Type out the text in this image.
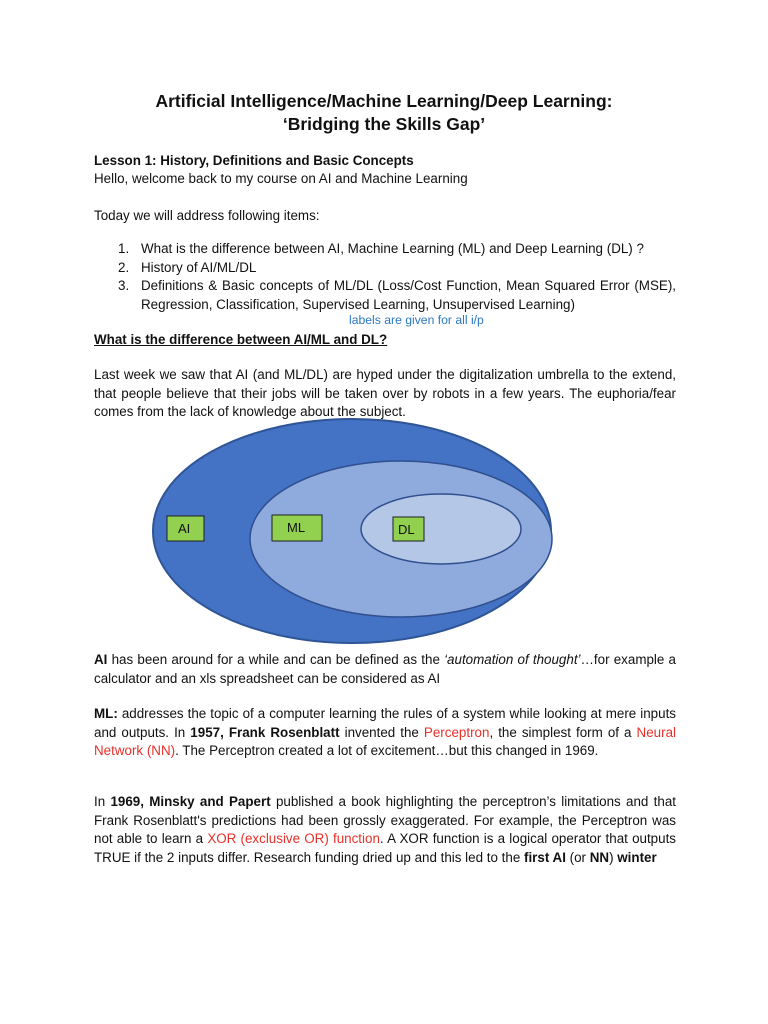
Artificial Intelligence/Machine Learning/Deep Learning:
‘Bridging the Skills Gap’
Lesson 1: History, Definitions and Basic Concepts
Hello, welcome back to my course on AI and Machine Learning
Today we will address following items:
1. What is the difference between AI, Machine Learning (ML) and Deep Learning (DL) ?
2. History of AI/ML/DL
3. Definitions & Basic concepts of ML/DL (Loss/Cost Function, Mean Squared Error (MSE), Regression, Classification, Supervised Learning, Unsupervised Learning)
labels are given for all i/p
What is the difference between AI/ML and DL?
Last week we saw that AI (and ML/DL) are hyped under the digitalization umbrella to the extend, that people believe that their jobs will be taken over by robots in a few years. The euphoria/fear comes from the lack of knowledge about the subject.
AI	ML	DL
AI has been around for a while and can be defined as the ‘automation of thought’…for example a calculator and an xls spreadsheet can be considered as AI
ML: addresses the topic of a computer learning the rules of a system while looking at mere inputs and outputs. In 1957, Frank Rosenblatt invented the Perceptron, the simplest form of a Neural Network (NN). The Perceptron created a lot of excitement…but this changed in 1969.
In 1969, Minsky and Papert published a book highlighting the perceptron’s limitations and that Frank Rosenblatt's predictions had been grossly exaggerated. For example, the Perceptron was not able to learn a XOR (exclusive OR) function. A XOR function is a logical operator that outputs TRUE if the 2 inputs differ. Research funding dried up and this led to the first AI (or NN) winter
